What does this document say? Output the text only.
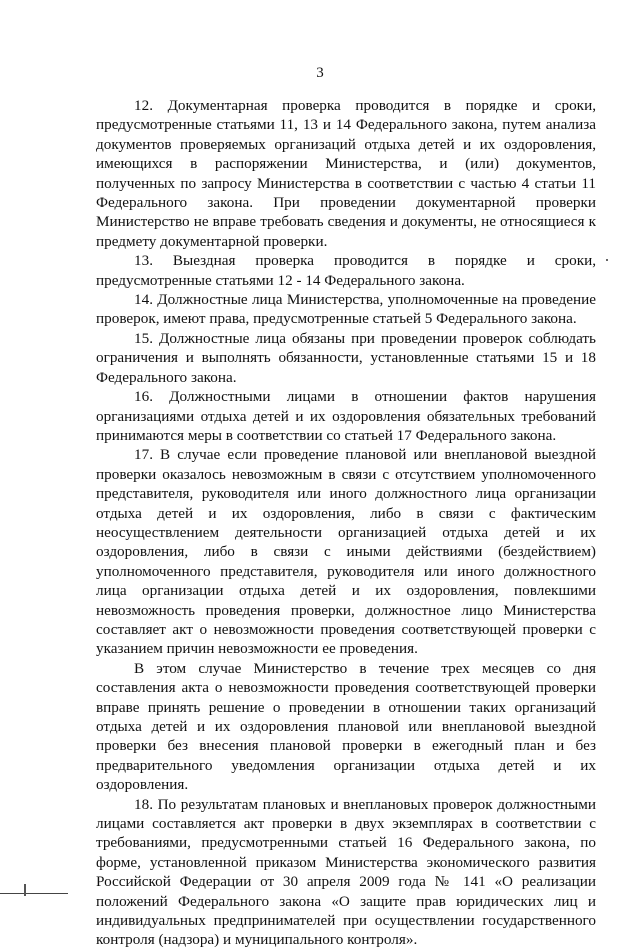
3

12. Документарная проверка проводится в порядке и сроки, предусмотренные статьями 11, 13 и 14 Федерального закона, путем анализа документов проверяемых организаций отдыха детей и их оздоровления, имеющихся в распоряжении Министерства, и (или) документов, полученных по запросу Министерства в соответствии с частью 4 статьи 11 Федерального закона. При проведении документарной проверки Министерство не вправе требовать сведения и документы, не относящиеся к предмету документарной проверки.

13. Выездная проверка проводится в порядке и сроки, предусмотренные статьями 12 - 14 Федерального закона.

14. Должностные лица Министерства, уполномоченные на проведение проверок, имеют права, предусмотренные статьей 5 Федерального закона.

15. Должностные лица обязаны при проведении проверок соблюдать ограничения и выполнять обязанности, установленные статьями 15 и 18 Федерального закона.

16. Должностными лицами в отношении фактов нарушения организациями отдыха детей и их оздоровления обязательных требований принимаются меры в соответствии со статьей 17 Федерального закона.

17. В случае если проведение плановой или внеплановой выездной проверки оказалось невозможным в связи с отсутствием уполномоченного представителя, руководителя или иного должностного лица организации отдыха детей и их оздоровления, либо в связи с фактическим неосуществлением деятельности организацией отдыха детей и их оздоровления, либо в связи с иными действиями (бездействием) уполномоченного представителя, руководителя или иного должностного лица организации отдыха детей и их оздоровления, повлекшими невозможность проведения проверки, должностное лицо Министерства составляет акт о невозможности проведения соответствующей проверки с указанием причин невозможности ее проведения.

В этом случае Министерство в течение трех месяцев со дня составления акта о невозможности проведения соответствующей проверки вправе принять решение о проведении в отношении таких организаций отдыха детей и их оздоровления плановой или внеплановой выездной проверки без внесения плановой проверки в ежегодный план и без предварительного уведомления организации отдыха детей и их оздоровления.

18. По результатам плановых и внеплановых проверок должностными лицами составляется акт проверки в двух экземплярах в соответствии с требованиями, предусмотренными статьей 16 Федерального закона, по форме, установленной приказом Министерства экономического развития Российской Федерации от 30 апреля 2009 года № 141 «О реализации положений Федерального закона «О защите прав юридических лиц и индивидуальных предпринимателей при осуществлении государственного контроля (надзора) и муниципального контроля».
